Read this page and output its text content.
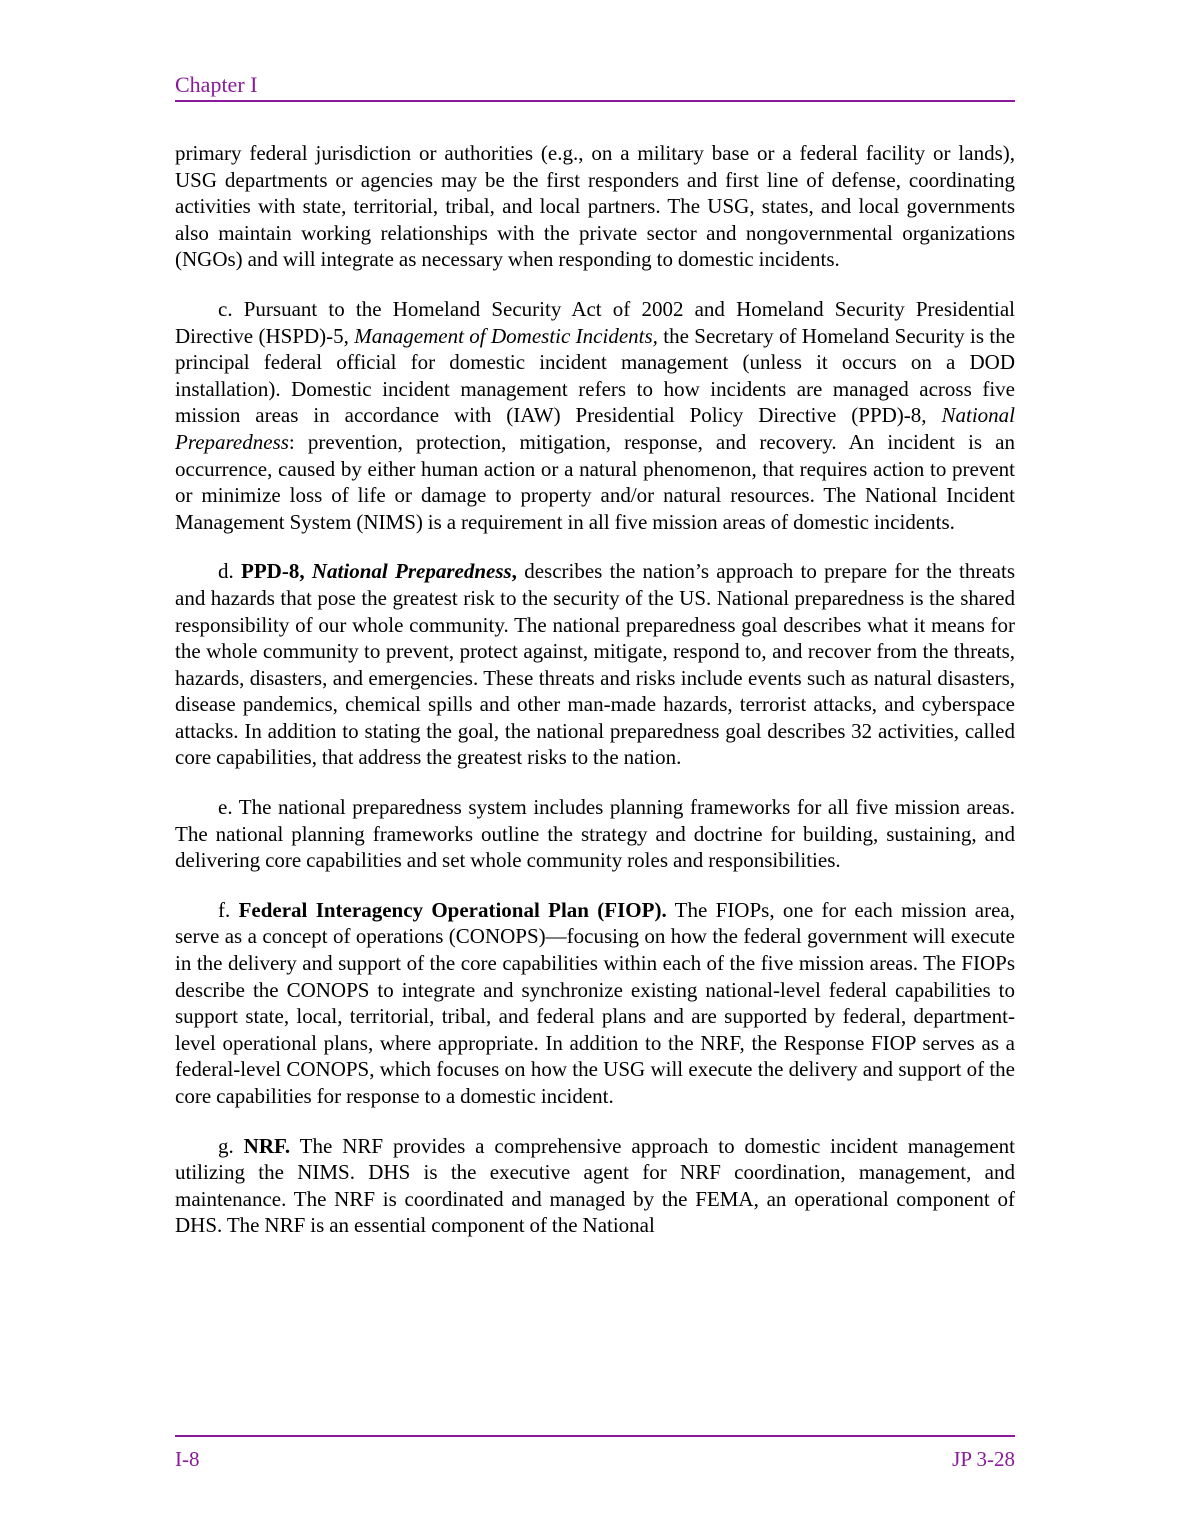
Chapter I

primary federal jurisdiction or authorities (e.g., on a military base or a federal facility or lands), USG departments or agencies may be the first responders and first line of defense, coordinating activities with state, territorial, tribal, and local partners. The USG, states, and local governments also maintain working relationships with the private sector and nongovernmental organizations (NGOs) and will integrate as necessary when responding to domestic incidents.

c. Pursuant to the Homeland Security Act of 2002 and Homeland Security Presidential Directive (HSPD)-5, Management of Domestic Incidents, the Secretary of Homeland Security is the principal federal official for domestic incident management (unless it occurs on a DOD installation). Domestic incident management refers to how incidents are managed across five mission areas in accordance with (IAW) Presidential Policy Directive (PPD)-8, National Preparedness: prevention, protection, mitigation, response, and recovery. An incident is an occurrence, caused by either human action or a natural phenomenon, that requires action to prevent or minimize loss of life or damage to property and/or natural resources. The National Incident Management System (NIMS) is a requirement in all five mission areas of domestic incidents.

d. PPD-8, National Preparedness, describes the nation’s approach to prepare for the threats and hazards that pose the greatest risk to the security of the US. National preparedness is the shared responsibility of our whole community. The national preparedness goal describes what it means for the whole community to prevent, protect against, mitigate, respond to, and recover from the threats, hazards, disasters, and emergencies. These threats and risks include events such as natural disasters, disease pandemics, chemical spills and other man-made hazards, terrorist attacks, and cyberspace attacks. In addition to stating the goal, the national preparedness goal describes 32 activities, called core capabilities, that address the greatest risks to the nation.

e. The national preparedness system includes planning frameworks for all five mission areas. The national planning frameworks outline the strategy and doctrine for building, sustaining, and delivering core capabilities and set whole community roles and responsibilities.

f. Federal Interagency Operational Plan (FIOP). The FIOPs, one for each mission area, serve as a concept of operations (CONOPS)—focusing on how the federal government will execute in the delivery and support of the core capabilities within each of the five mission areas. The FIOPs describe the CONOPS to integrate and synchronize existing national-level federal capabilities to support state, local, territorial, tribal, and federal plans and are supported by federal, department-level operational plans, where appropriate. In addition to the NRF, the Response FIOP serves as a federal-level CONOPS, which focuses on how the USG will execute the delivery and support of the core capabilities for response to a domestic incident.

g. NRF. The NRF provides a comprehensive approach to domestic incident management utilizing the NIMS. DHS is the executive agent for NRF coordination, management, and maintenance. The NRF is coordinated and managed by the FEMA, an operational component of DHS. The NRF is an essential component of the National

I-8	JP 3-28
